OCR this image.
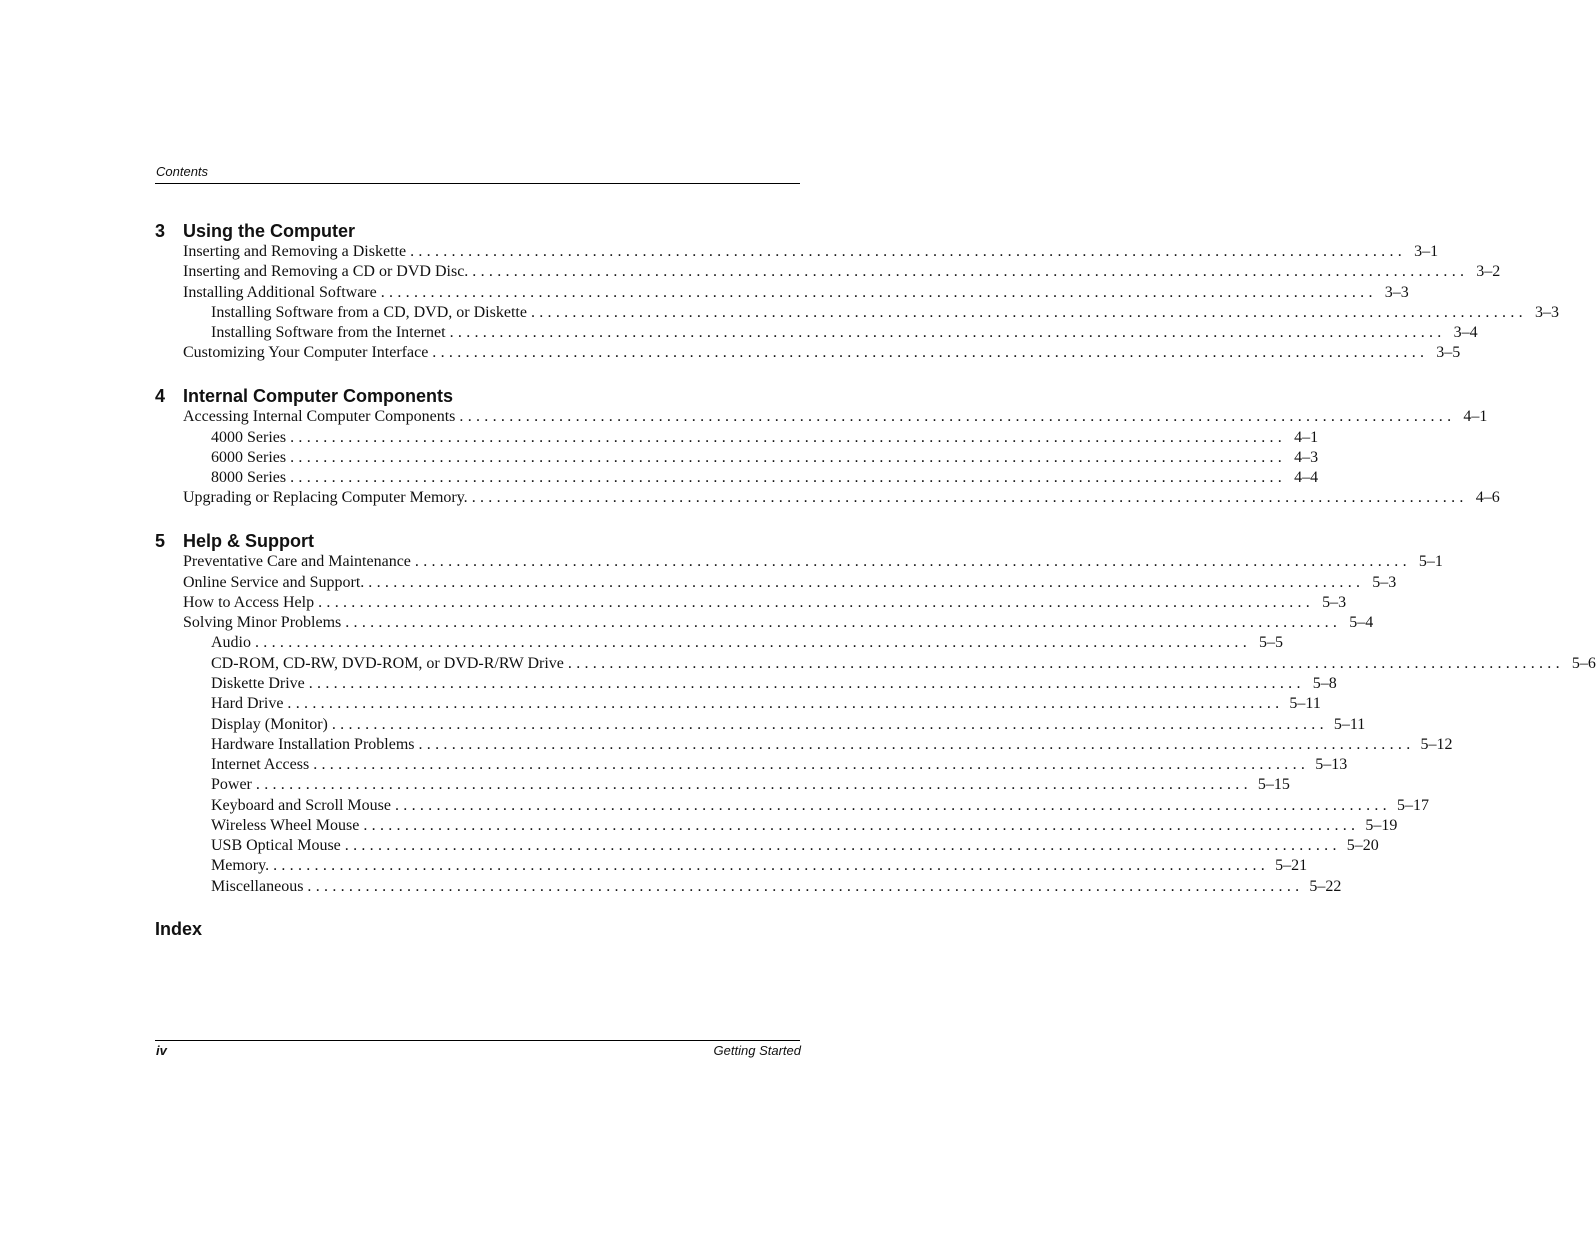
Contents
3 Using the Computer
Inserting and Removing a Diskette ........................................................................................................................ 3–1
Inserting and Removing a CD or DVD Disc. ........................................................................................................................ 3–2
Installing Additional Software ........................................................................................................................ 3–3
Installing Software from a CD, DVD, or Diskette ........................................................................................................................ 3–3
Installing Software from the Internet ........................................................................................................................ 3–4
Customizing Your Computer Interface ........................................................................................................................ 3–5
4 Internal Computer Components
Accessing Internal Computer Components ........................................................................................................................ 4–1
4000 Series ........................................................................................................................ 4–1
6000 Series ........................................................................................................................ 4–3
8000 Series ........................................................................................................................ 4–4
Upgrading or Replacing Computer Memory. ........................................................................................................................ 4–6
5 Help & Support
Preventative Care and Maintenance ........................................................................................................................ 5–1
Online Service and Support. ........................................................................................................................ 5–3
How to Access Help ........................................................................................................................ 5–3
Solving Minor Problems ........................................................................................................................ 5–4
Audio ........................................................................................................................ 5–5
CD-ROM, CD-RW, DVD-ROM, or DVD-R/RW Drive ........................................................................................................................ 5–6
Diskette Drive ........................................................................................................................ 5–8
Hard Drive ........................................................................................................................ 5–11
Display (Monitor) ........................................................................................................................ 5–11
Hardware Installation Problems ........................................................................................................................ 5–12
Internet Access ........................................................................................................................ 5–13
Power ........................................................................................................................ 5–15
Keyboard and Scroll Mouse ........................................................................................................................ 5–17
Wireless Wheel Mouse ........................................................................................................................ 5–19
USB Optical Mouse ........................................................................................................................ 5–20
Memory. ........................................................................................................................ 5–21
Miscellaneous ........................................................................................................................ 5–22
Index
iv	Getting Started
